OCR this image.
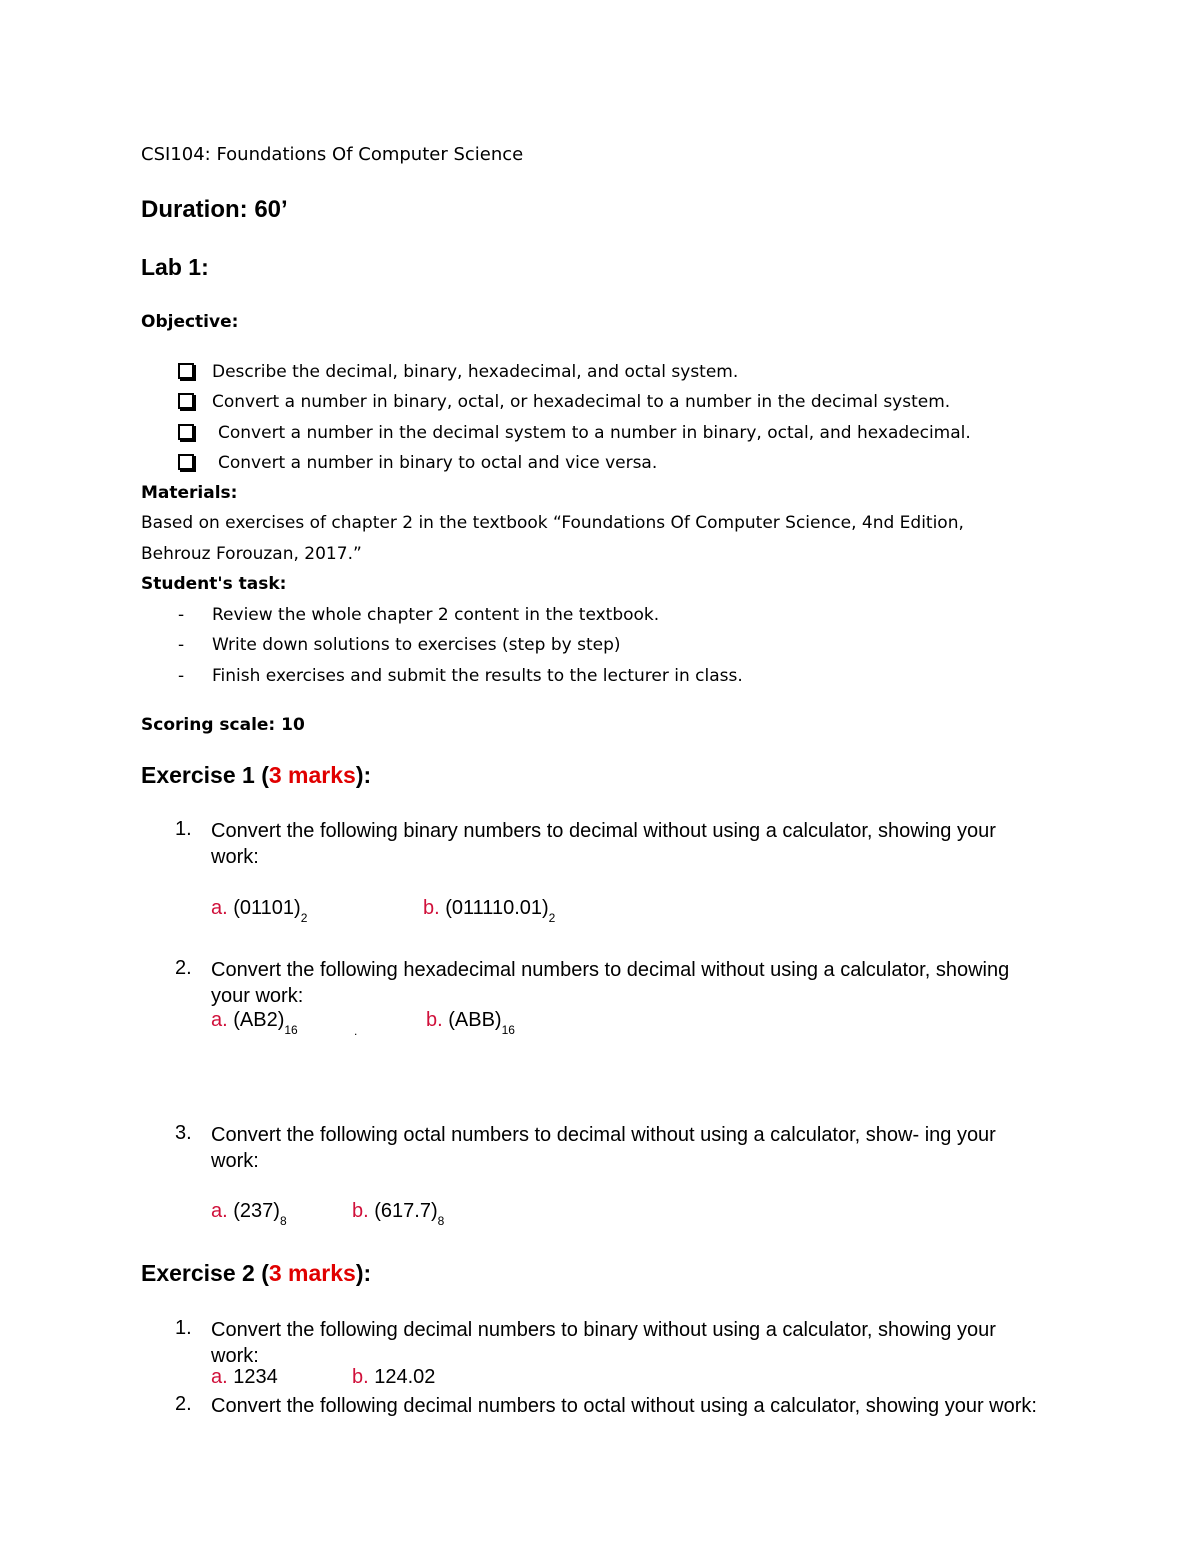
CSI104: Foundations Of Computer Science
Duration: 60’
Lab 1:
Objective:
Describe the decimal, binary, hexadecimal, and octal system.
Convert a number in binary, octal, or hexadecimal to a number in the decimal system.
Convert a number in the decimal system to a number in binary, octal, and hexadecimal.
Convert a number in binary to octal and vice versa.
Materials:
Based on exercises of chapter 2 in the textbook “Foundations Of Computer Science, 4nd Edition,
Behrouz Forouzan, 2017.”
Student's task:
- Review the whole chapter 2 content in the textbook.
- Write down solutions to exercises (step by step)
- Finish exercises and submit the results to the lecturer in class.
Scoring scale: 10
Exercise 1 (3 marks):
1. Convert the following binary numbers to decimal without using a calculator, showing your work:
a. $(01101)_2$	b. $(011110.01)_2$
2. Convert the following hexadecimal numbers to decimal without using a calculator, showing your work:
a. $(AB2)_{16}$	.	b. $(ABB)_{16}$
3. Convert the following octal numbers to decimal without using a calculator, show- ing your work:
a. $(237)_8$	b. $(617.7)_8$
Exercise 2 (3 marks):
1. Convert the following decimal numbers to binary without using a calculator, showing your work:
a. 1234	b. 124.02
2. Convert the following decimal numbers to octal without using a calculator, showing your work:
